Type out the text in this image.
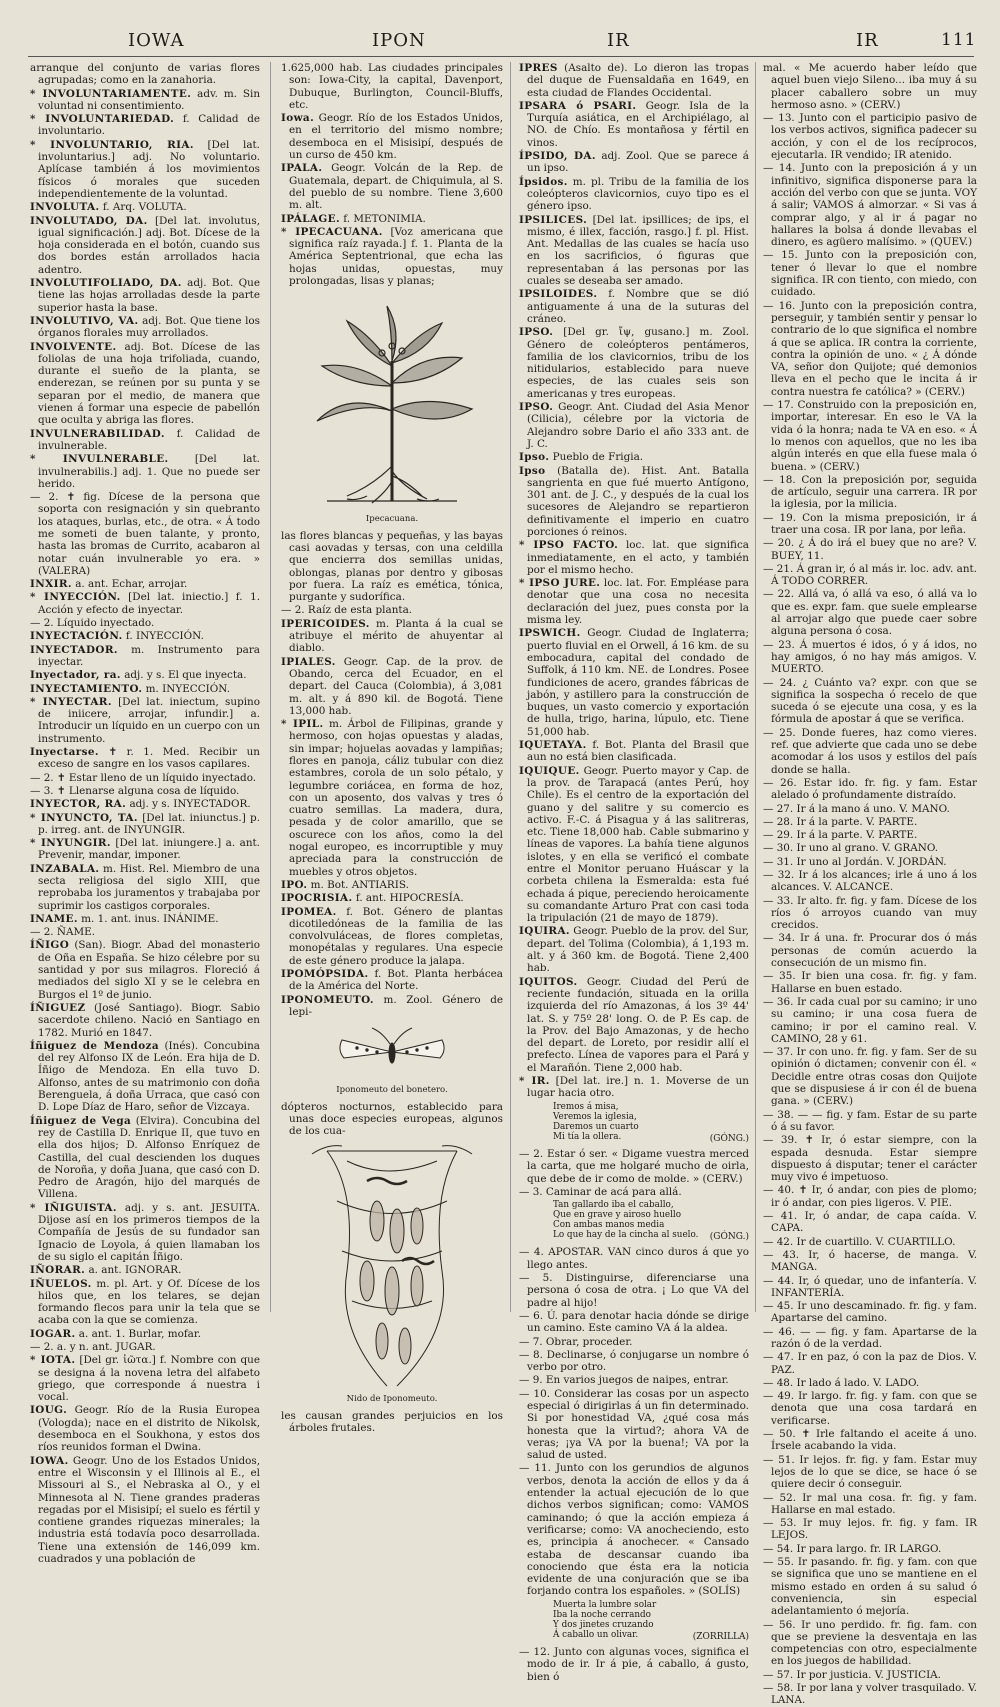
IOWA	IPON	IR	IR	111

arranque del conjunto de varias flores agrupadas; como en la zanahoria.

* INVOLUNTARIAMENTE. adv. m. Sin voluntad ni consentimiento.

* INVOLUNTARIEDAD. f. Calidad de involuntario.

* INVOLUNTARIO, RIA. [Del lat. involuntarius.] adj. No voluntario. Aplícase también á los movimientos físicos ó morales que suceden independientemente de la voluntad.

INVOLUTA. f. Arq. VOLUTA.

INVOLUTADO, DA. [Del lat. involutus, igual significación.] adj. Bot. Dícese de la hoja considerada en el botón, cuando sus dos bordes están arrollados hacia adentro.

INVOLUTIFOLIADO, DA. adj. Bot. Que tiene las hojas arrolladas desde la parte superior hasta la base.

INVOLUTIVO, VA. adj. Bot. Que tiene los órganos florales muy arrollados.

INVOLVENTE. adj. Bot. Dícese de las foliolas de una hoja trifoliada, cuando, durante el sueño de la planta, se enderezan, se reúnen por su punta y se separan por el medio, de manera que vienen á formar una especie de pabellón que oculta y abriga las flores.

INVULNERABILIDAD. f. Calidad de invulnerable.

* INVULNERABLE. [Del lat. invulnerabilis.] adj. 1. Que no puede ser herido.

— 2. ✝ fig. Dícese de la persona que soporta con resignación y sin quebranto los ataques, burlas, etc., de otra. « Á todo me someti de buen talante, y pronto, hasta las bromas de Currito, acabaron al notar cuán invulnerable yo era. » (VALERA)

INXIR. a. ant. Echar, arrojar.

* INYECCIÓN. [Del lat. iniectio.] f. 1. Acción y efecto de inyectar.

— 2. Líquido inyectado.

INYECTACIÓN. f. INYECCIÓN.

INYECTADOR. m. Instrumento para inyectar.

Inyectador, ra. adj. y s. El que inyecta.

INYECTAMIENTO. m. INYECCIÓN.

* INYECTAR. [Del lat. iniectum, supino de iniicere, arrojar, infundir.] a. Introducir un líquido en un cuerpo con un instrumento.

Inyectarse. ✝ r. 1. Med. Recibir un exceso de sangre en los vasos capilares.

— 2. ✝ Estar lleno de un líquido inyectado.

— 3. ✝ Llenarse alguna cosa de líquido.

INYECTOR, RA. adj. y s. INYECTADOR.

* INYUNCTO, TA. [Del lat. iniunctus.] p. p. irreg. ant. de INYUNGIR.

* INYUNGIR. [Del lat. iniungere.] a. ant. Prevenir, mandar, imponer.

INZABALA. m. Hist. Rel. Miembro de una secta religiosa del siglo XIII, que reprobaba los juramentos y trabajaba por suprimir los castigos corporales.

INAME. m. 1. ant. inus. INÁNIME.

— 2. ÑAME.

ÍÑIGO (San). Biogr. Abad del monasterio de Oña en España. Se hizo célebre por su santidad y por sus milagros. Floreció á mediados del siglo XI y se le celebra en Burgos el 1º de junio.

ÍÑIGUEZ (José Santiago). Biogr. Sabio sacerdote chileno. Nació en Santiago en 1782. Murió en 1847.

Íñiguez de Mendoza (Inés). Concubina del rey Alfonso IX de León. Era hija de D. Íñigo de Mendoza. En ella tuvo D. Alfonso, antes de su matrimonio con doña Berenguela, á doña Urraca, que casó con D. Lope Díaz de Haro, señor de Vizcaya.

Íñiguez de Vega (Elvira). Concubina del rey de Castilla D. Enrique II, que tuvo en ella dos hijos; D. Alfonso Enríquez de Castilla, del cual descienden los duques de Noroña, y doña Juana, que casó con D. Pedro de Aragón, hijo del marqués de Villena.

* IÑIGUISTA. adj. y s. ant. JESUITA. Dijose así en los primeros tiempos de la Compañía de Jesús de su fundador san Ignacio de Loyola, á quien llamaban los de su siglo el capitán Íñigo.

IÑORAR. a. ant. IGNORAR.

IÑUELOS. m. pl. Art. y Of. Dícese de los hilos que, en los telares, se dejan formando flecos para unir la tela que se acaba con la que se comienza.

IOGAR. a. ant. 1. Burlar, mofar.

— 2. a. y n. ant. JUGAR.

* IOTA. [Del gr. ἰῶτα.] f. Nombre con que se designa á la novena letra del alfabeto griego, que corresponde á nuestra i vocal.

IOUG. Geogr. Río de la Rusia Europea (Vologda); nace en el distrito de Nikolsk, desemboca en el Soukhona, y estos dos ríos reunidos forman el Dwina.

IOWA. Geogr. Uno de los Estados Unidos, entre el Wisconsin y el Illinois al E., el Missouri al S., el Nebraska al O., y el Minnesota al N. Tiene grandes praderas regadas por el Misisipí; el suelo es fértil y contiene grandes riquezas minerales; la industria está todavía poco desarrollada. Tiene una extensión de 146,099 km. cuadrados y una población de

1.625,000 hab. Las ciudades principales son: Iowa-City, la capital, Davenport, Dubuque, Burlington, Council-Bluffs, etc.

Iowa. Geogr. Río de los Estados Unidos, en el territorio del mismo nombre; desemboca en el Misisipí, después de un curso de 450 km.

IPALA. Geogr. Volcán de la Rep. de Guatemala, depart. de Chiquimula, al S. del pueblo de su nombre. Tiene 3,600 m. alt.

IPÁLAGE. f. METONIMIA.

* IPECACUANA. [Voz americana que significa raíz rayada.] f. 1. Planta de la América Septentrional, que echa las hojas unidas, opuestas, muy prolongadas, lisas y planas;

Ipecacuana.

las flores blancas y pequeñas, y las bayas casi aovadas y tersas, con una celdilla que encierra dos semillas unidas, oblongas, planas por dentro y gibosas por fuera. La raíz es emética, tónica, purgante y sudorífica.

— 2. Raíz de esta planta.

IPERICOIDES. m. Planta á la cual se atribuye el mérito de ahuyentar al diablo.

IPIALES. Geogr. Cap. de la prov. de Obando, cerca del Ecuador, en el depart. del Cauca (Colombia), á 3,081 m. alt. y á 890 kil. de Bogotá. Tiene 13,000 hab.

* IPIL. m. Árbol de Filipinas, grande y hermoso, con hojas opuestas y aladas, sin impar; hojuelas aovadas y lampiñas; flores en panoja, cáliz tubular con diez estambres, corola de un solo pétalo, y legumbre coriácea, en forma de hoz, con un aposento, dos valvas y tres ó cuatro semillas. La madera, dura, pesada y de color amarillo, que se oscurece con los años, como la del nogal europeo, es incorruptible y muy apreciada para la construcción de muebles y otros objetos.

IPO. m. Bot. ANTIARIS.

IPOCRISIA. f. ant. HIPOCRESÍA.

IPOMEA. f. Bot. Género de plantas dicotiledóneas de la familia de las convolvuláceas, de flores completas, monopétalas y regulares. Una especie de este género produce la jalapa.

IPOMÓPSIDA. f. Bot. Planta herbácea de la América del Norte.

IPONOMEUTO. m. Zool. Género de lepi-

Iponomeuto del bonetero.

dópteros nocturnos, establecido para unas doce especies europeas, algunos de los cua-

Nido de Iponomeuto.

les causan grandes perjuicios en los árboles frutales.

IPRES (Asalto de). Lo dieron las tropas del duque de Fuensaldaña en 1649, en esta ciudad de Flandes Occidental.

IPSARA ó PSARI. Geogr. Isla de la Turquía asiática, en el Archipiélago, al NO. de Chío. Es montañosa y fértil en vinos.

ÍPSIDO, DA. adj. Zool. Que se parece á un ipso.

Ípsidos. m. pl. Tribu de la familia de los coleópteros clavicornios, cuyo tipo es el género ipso.

IPSILICES. [Del lat. ipsillices; de ips, el mismo, é illex, facción, rasgo.] f. pl. Hist. Ant. Medallas de las cuales se hacía uso en los sacrificios, ó figuras que representaban á las personas por las cuales se deseaba ser amado.

IPSILOIDES. f. Nombre que se dió antiguamente á una de la suturas del cráneo.

IPSO. [Del gr. ἴψ, gusano.] m. Zool. Género de coleópteros pentámeros, familia de los clavicornios, tribu de los nitidularios, establecido para nueve especies, de las cuales seis son americanas y tres europeas.

IPSO. Geogr. Ant. Ciudad del Asia Menor (Cilicia), célebre por la victoria de Alejandro sobre Dario el año 333 ant. de J. C.

Ipso. Pueblo de Frigia.

Ipso (Batalla de). Hist. Ant. Batalla sangrienta en que fué muerto Antígono, 301 ant. de J. C., y después de la cual los sucesores de Alejandro se repartieron definitivamente el imperio en cuatro porciones ó reinos.

* IPSO FACTO. loc. lat. que significa inmediatamente, en el acto, y también por el mismo hecho.

* IPSO JURE. loc. lat. For. Empléase para denotar que una cosa no necesita declaración del juez, pues consta por la misma ley.

IPSWICH. Geogr. Ciudad de Inglaterra; puerto fluvial en el Orwell, á 16 km. de su embocadura, capital del condado de Suffolk, á 110 km. NE. de Londres. Posee fundiciones de acero, grandes fábricas de jabón, y astillero para la construcción de buques, un vasto comercio y exportación de hulla, trigo, harina, lúpulo, etc. Tiene 51,000 hab.

IQUETAYA. f. Bot. Planta del Brasil que aun no está bien clasificada.

IQUIQUE. Geogr. Puerto mayor y Cap. de la prov. de Tarapacá (antes Perú, hoy Chile). Es el centro de la exportación del guano y del salitre y su comercio es activo. F.-C. á Pisagua y á las salitreras, etc. Tiene 18,000 hab. Cable submarino y líneas de vapores. La bahía tiene algunos islotes, y en ella se verificó el combate entre el Monitor peruano Huáscar y la corbeta chilena la Esmeralda: esta fué echada á pique, pereciendo heroicamente su comandante Arturo Prat con casi toda la tripulación (21 de mayo de 1879).

IQUIRA. Geogr. Pueblo de la prov. del Sur, depart. del Tolima (Colombia), á 1,193 m. alt. y á 360 km. de Bogotá. Tiene 2,400 hab.

IQUITOS. Geogr. Ciudad del Perú de reciente fundación, situada en la orilla izquierda del río Amazonas, á los 3º 44' lat. S. y 75º 28' long. O. de P. Es cap. de la Prov. del Bajo Amazonas, y de hecho del depart. de Loreto, por residir allí el prefecto. Línea de vapores para el Pará y el Marañón. Tiene 2,000 hab.

* IR. [Del lat. ire.] n. 1. Moverse de un lugar hacia otro.

Iremos á misa,
Veremos la iglesia,
Daremos un cuarto
Mi tía la ollera.	(GÓNG.)

— 2. Estar ó ser. « Digame vuestra merced la carta, que me holgaré mucho de oirla, que debe de ir como de molde. » (CERV.)

— 3. Caminar de acá para allá.

Tan gallardo iba el caballo,
Que en grave y airoso huello
Con ambas manos media
Lo que hay de la cincha al suelo.	(GÓNG.)

— 4. APOSTAR. VAN cinco duros á que yo llego antes.

— 5. Distinguirse, diferenciarse una persona ó cosa de otra. ¡ Lo que VA del padre al hijo!

— 6. Ú. para denotar hacia dónde se dirige un camino. Este camino VA á la aldea.

— 7. Obrar, proceder.

— 8. Declinarse, ó conjugarse un nombre ó verbo por otro.

— 9. En varios juegos de naipes, entrar.

— 10. Considerar las cosas por un aspecto especial ó dirigirlas á un fin determinado. Si por honestidad VA, ¿qué cosa más honesta que la virtud?; ahora VA de veras; ¡ya VA por la buena!; VA por la salud de usted.

— 11. Junto con los gerundios de algunos verbos, denota la acción de ellos y da á entender la actual ejecución de lo que dichos verbos significan; como: VAMOS caminando; ó que la acción empieza á verificarse; como: VA anocheciendo, esto es, principia á anochecer. « Cansado estaba de descansar cuando iba conociendo que ésta era la noticia evidente de una conjuración que se iba forjando contra los españoles. » (SOLÍS)

Muerta la lumbre solar
Iba la noche cerrando
Y dos jinetes cruzando
Á caballo un olivar.	(ZORRILLA)

— 12. Junto con algunas voces, significa el modo de ir. Ir á pie, á caballo, á gusto, bien ó

mal. « Me acuerdo haber leído que aquel buen viejo Sileno... iba muy á su placer caballero sobre un muy hermoso asno. » (CERV.)

— 13. Junto con el participio pasivo de los verbos activos, significa padecer su acción, y con el de los recíprocos, ejecutarla. IR vendido; IR atenido.

— 14. Junto con la preposición á y un infinitivo, significa disponerse para la acción del verbo con que se junta. VOY á salir; VAMOS á almorzar. « Si vas á comprar algo, y al ir á pagar no hallares la bolsa á donde llevabas el dinero, es agüero malísimo. » (QUEV.)

— 15. Junto con la preposición con, tener ó llevar lo que el nombre significa. IR con tiento, con miedo, con cuidado.

— 16. Junto con la preposición contra, perseguir, y también sentir y pensar lo contrario de lo que significa el nombre á que se aplica. IR contra la corriente, contra la opinión de uno. « ¿ Á dónde VA, señor don Quijote; qué demonios lleva en el pecho que le incita á ir contra nuestra fe católica? » (CERV.)

— 17. Construido con la preposición en, importar, interesar. En eso le VA la vida ó la honra; nada te VA en eso. « Á lo menos con aquellos, que no les iba algún interés en que ella fuese mala ó buena. » (CERV.)

— 18. Con la preposición por, seguida de artículo, seguir una carrera. IR por la iglesia, por la milicia.

— 19. Con la misma preposición, ir á traer una cosa. IR por lana, por leña.

— 20. ¿ Á do irá el buey que no are? V. BUEY, 11.

— 21. Á gran ir, ó al más ir. loc. adv. ant. Á TODO CORRER.

— 22. Allá va, ó allá va eso, ó allá va lo que es. expr. fam. que suele emplearse al arrojar algo que puede caer sobre alguna persona ó cosa.

— 23. Á muertos é idos, ó y á idos, no hay amigos, ó no hay más amigos. V. MUERTO.

— 24. ¿ Cuánto va? expr. con que se significa la sospecha ó recelo de que suceda ó se ejecute una cosa, y es la fórmula de apostar á que se verifica.

— 25. Donde fueres, haz como vieres. ref. que advierte que cada uno se debe acomodar á los usos y estilos del país donde se halla.

— 26. Estar ido. fr. fig. y fam. Estar alelado ó profundamente distraído.

— 27. Ir á la mano á uno. V. MANO.

— 28. Ir á la parte. V. PARTE.

— 29. Ir á la parte. V. PARTE.

— 30. Ir uno al grano. V. GRANO.

— 31. Ir uno al Jordán. V. JORDÁN.

— 32. Ir á los alcances; irle á uno á los alcances. V. ALCANCE.

— 33. Ir alto. fr. fig. y fam. Dícese de los ríos ó arroyos cuando van muy crecidos.

— 34. Ir á una. fr. Procurar dos ó más personas de común acuerdo la consecución de un mismo fin.

— 35. Ir bien una cosa. fr. fig. y fam. Hallarse en buen estado.

— 36. Ir cada cual por su camino; ir uno su camino; ir una cosa fuera de camino; ir por el camino real. V. CAMINO, 28 y 61.

— 37. Ir con uno. fr. fig. y fam. Ser de su opinión ó dictamen; convenir con él. « Decidle entre otras cosas don Quijote que se dispusiese á ir con él de buena gana. » (CERV.)

— 38. — — fig. y fam. Estar de su parte ó á su favor.

— 39. ✝ Ir, ó estar siempre, con la espada desnuda. Estar siempre dispuesto á disputar; tener el carácter muy vivo é impetuoso.

— 40. ✝ Ir, ó andar, con pies de plomo; ir ó andar, con pies ligeros. V. PIE.

— 41. Ir, ó andar, de capa caída. V. CAPA.

— 42. Ir de cuartillo. V. CUARTILLO.

— 43. Ir, ó hacerse, de manga. V. MANGA.

— 44. Ir, ó quedar, uno de infantería. V. INFANTERÍA.

— 45. Ir uno descaminado. fr. fig. y fam. Apartarse del camino.

— 46. — — fig. y fam. Apartarse de la razón ó de la verdad.

— 47. Ir en paz, ó con la paz de Dios. V. PAZ.

— 48. Ir lado á lado. V. LADO.

— 49. Ir largo. fr. fig. y fam. con que se denota que una cosa tardará en verificarse.

— 50. ✝ Irle faltando el aceite á uno. Írsele acabando la vida.

— 51. Ir lejos. fr. fig. y fam. Estar muy lejos de lo que se dice, se hace ó se quiere decir ó conseguir.

— 52. Ir mal una cosa. fr. fig. y fam. Hallarse en mal estado.

— 53. Ir muy lejos. fr. fig. y fam. IR LEJOS.

— 54. Ir para largo. fr. IR LARGO.

— 55. Ir pasando. fr. fig. y fam. con que se significa que uno se mantiene en el mismo estado en orden á su salud ó conveniencia, sin especial adelantamiento ó mejoría.

— 56. Ir uno perdido. fr. fig. fam. con que se previene la desventaja en las competencias con otro, especialmente en los juegos de habilidad.

— 57. Ir por justicia. V. JUSTICIA.

— 58. Ir por lana y volver trasquilado. V. LANA.
